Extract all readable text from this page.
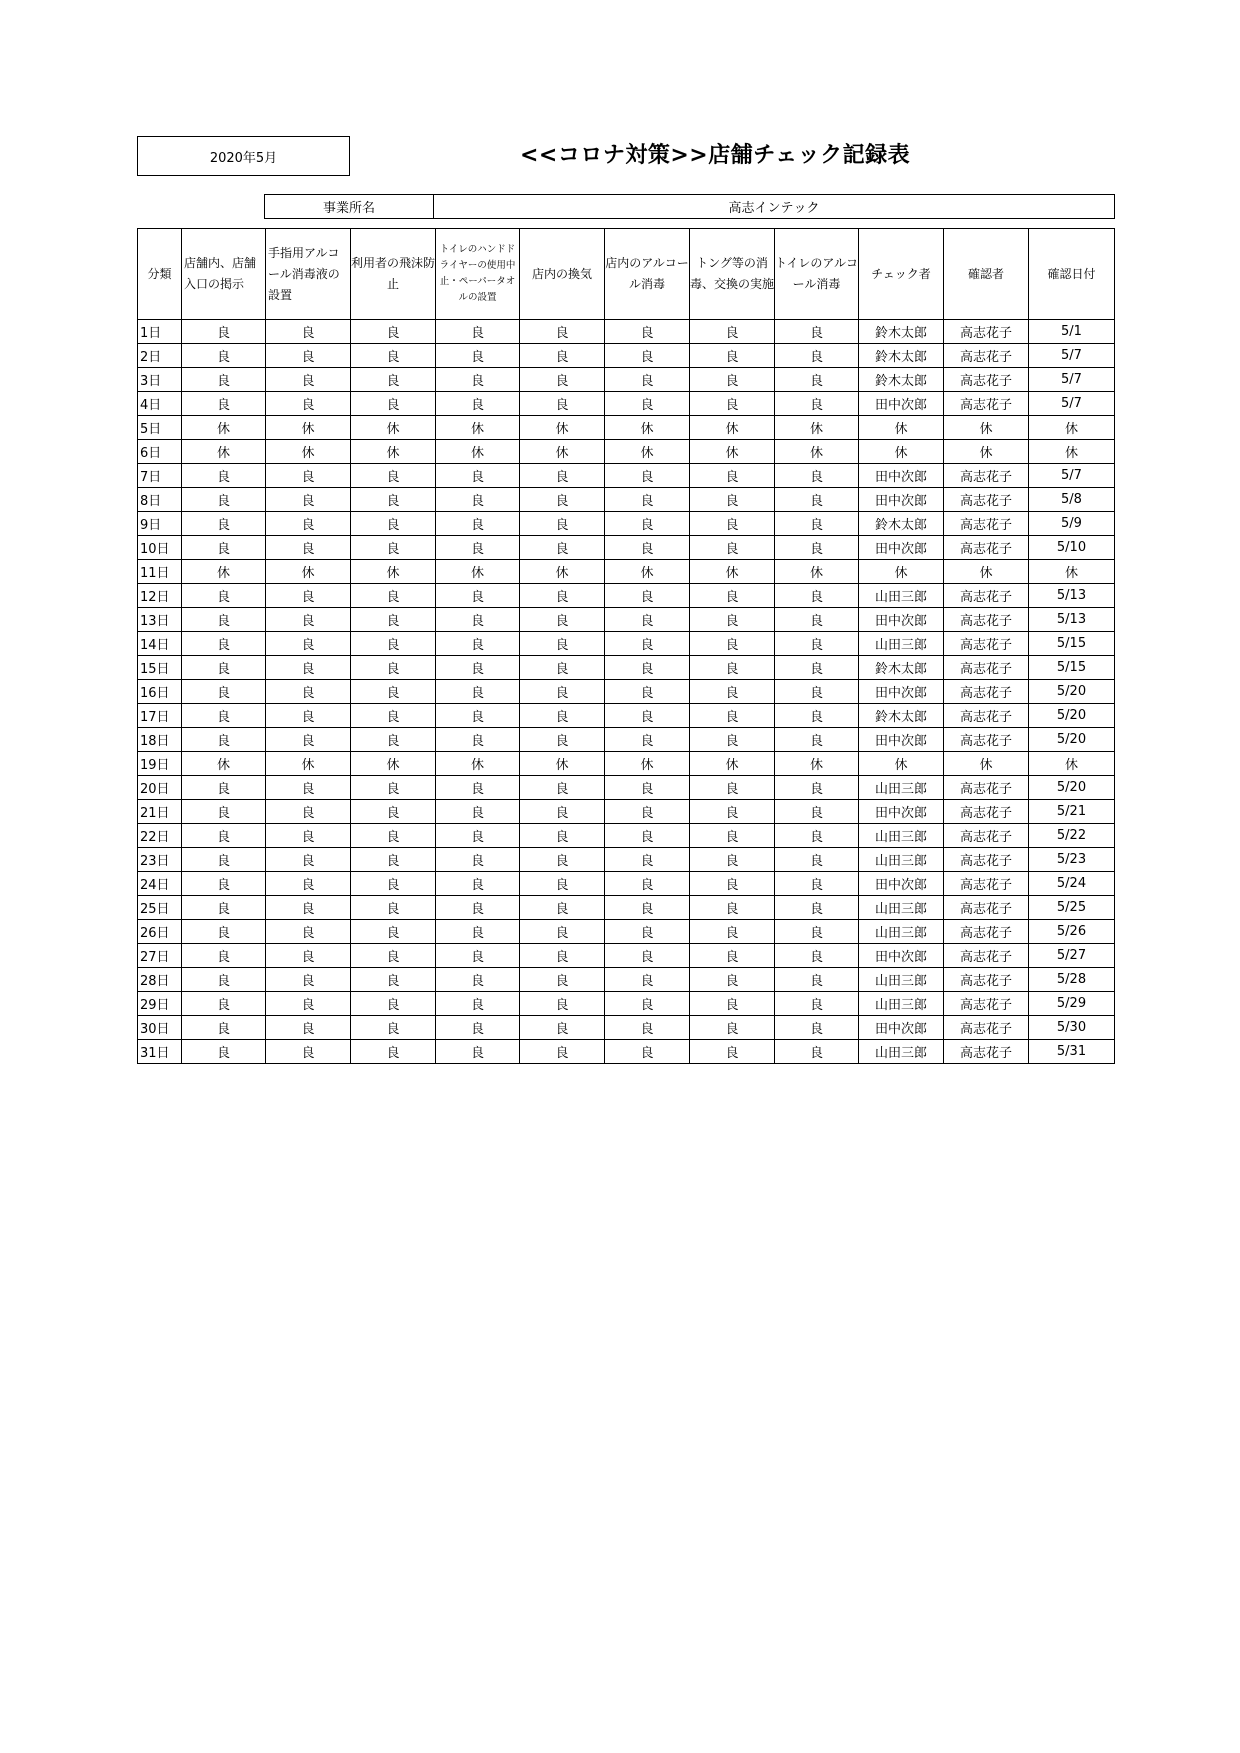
2020年5月	<<コロナ対策>>店舗チェック記録表
事業所名	高志インテック
分類	店舗内、店舗入口の掲示	手指用アルコール消毒液の設置	利用者の飛沫防止	トイレのハンドドライヤーの使用中止・ペーパータオルの設置	店内の換気	店内のアルコール消毒	トング等の消毒、交換の実施	トイレのアルコール消毒	チェック者	確認者	確認日付
1日	良	良	良	良	良	良	良	良	鈴木太郎	高志花子	5/1
2日	良	良	良	良	良	良	良	良	鈴木太郎	高志花子	5/7
3日	良	良	良	良	良	良	良	良	鈴木太郎	高志花子	5/7
4日	良	良	良	良	良	良	良	良	田中次郎	高志花子	5/7
5日	休	休	休	休	休	休	休	休	休	休	休
6日	休	休	休	休	休	休	休	休	休	休	休
7日	良	良	良	良	良	良	良	良	田中次郎	高志花子	5/7
8日	良	良	良	良	良	良	良	良	田中次郎	高志花子	5/8
9日	良	良	良	良	良	良	良	良	鈴木太郎	高志花子	5/9
10日	良	良	良	良	良	良	良	良	田中次郎	高志花子	5/10
11日	休	休	休	休	休	休	休	休	休	休	休
12日	良	良	良	良	良	良	良	良	山田三郎	高志花子	5/13
13日	良	良	良	良	良	良	良	良	田中次郎	高志花子	5/13
14日	良	良	良	良	良	良	良	良	山田三郎	高志花子	5/15
15日	良	良	良	良	良	良	良	良	鈴木太郎	高志花子	5/15
16日	良	良	良	良	良	良	良	良	田中次郎	高志花子	5/20
17日	良	良	良	良	良	良	良	良	鈴木太郎	高志花子	5/20
18日	良	良	良	良	良	良	良	良	田中次郎	高志花子	5/20
19日	休	休	休	休	休	休	休	休	休	休	休
20日	良	良	良	良	良	良	良	良	山田三郎	高志花子	5/20
21日	良	良	良	良	良	良	良	良	田中次郎	高志花子	5/21
22日	良	良	良	良	良	良	良	良	山田三郎	高志花子	5/22
23日	良	良	良	良	良	良	良	良	山田三郎	高志花子	5/23
24日	良	良	良	良	良	良	良	良	田中次郎	高志花子	5/24
25日	良	良	良	良	良	良	良	良	山田三郎	高志花子	5/25
26日	良	良	良	良	良	良	良	良	山田三郎	高志花子	5/26
27日	良	良	良	良	良	良	良	良	田中次郎	高志花子	5/27
28日	良	良	良	良	良	良	良	良	山田三郎	高志花子	5/28
29日	良	良	良	良	良	良	良	良	山田三郎	高志花子	5/29
30日	良	良	良	良	良	良	良	良	田中次郎	高志花子	5/30
31日	良	良	良	良	良	良	良	良	山田三郎	高志花子	5/31
